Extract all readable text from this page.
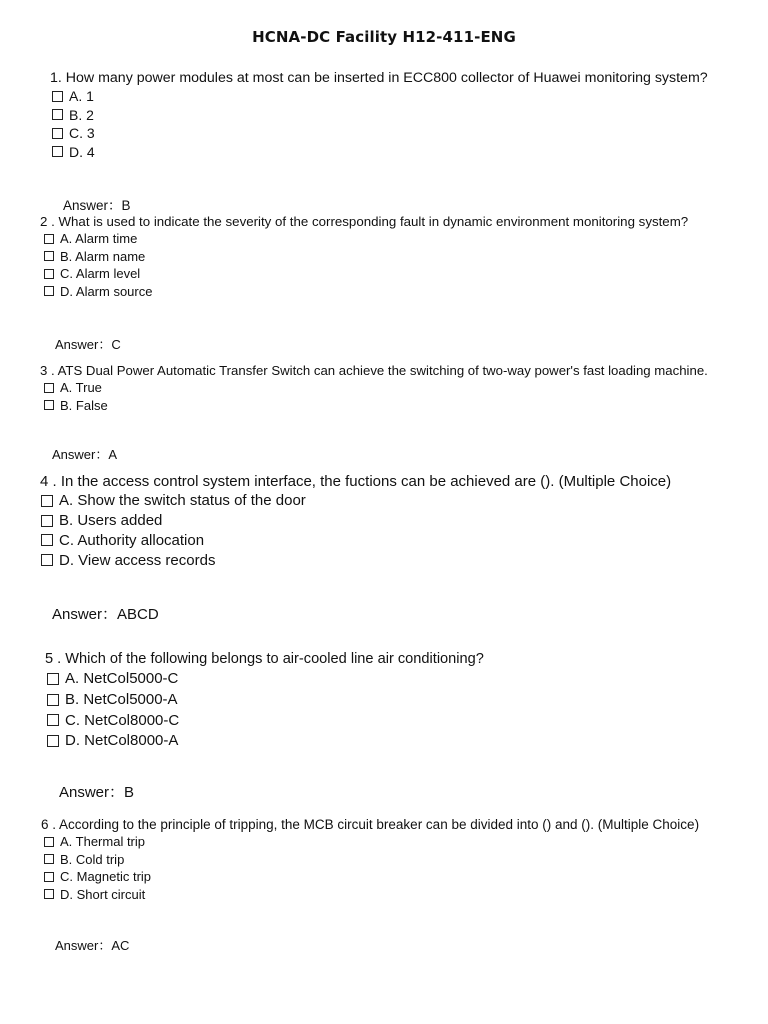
HCNA-DC Facility H12-411-ENG
1. How many power modules at most can be inserted in ECC800 collector of Huawei monitoring system?
A. 1
B. 2
C. 3
D. 4
Answer：B
2 . What is used to indicate the severity of the corresponding fault in dynamic environment monitoring system?
A. Alarm time
B. Alarm name
C. Alarm level
D. Alarm source
Answer：C
3 . ATS Dual Power Automatic Transfer Switch can achieve the switching of two-way power's fast loading machine.
A. True
B. False
Answer：A
4 . In the access control system interface, the fuctions can be achieved are (). (Multiple Choice)
A. Show the switch status of the door
B. Users added
C. Authority allocation
D. View access records
Answer：ABCD
5 . Which of the following belongs to air-cooled line air conditioning?
A. NetCol5000-C
B. NetCol5000-A
C. NetCol8000-C
D. NetCol8000-A
Answer：B
6 . According to the principle of tripping, the MCB circuit breaker can be divided into () and (). (Multiple Choice)
A. Thermal trip
B. Cold trip
C. Magnetic trip
D. Short circuit
Answer：AC
